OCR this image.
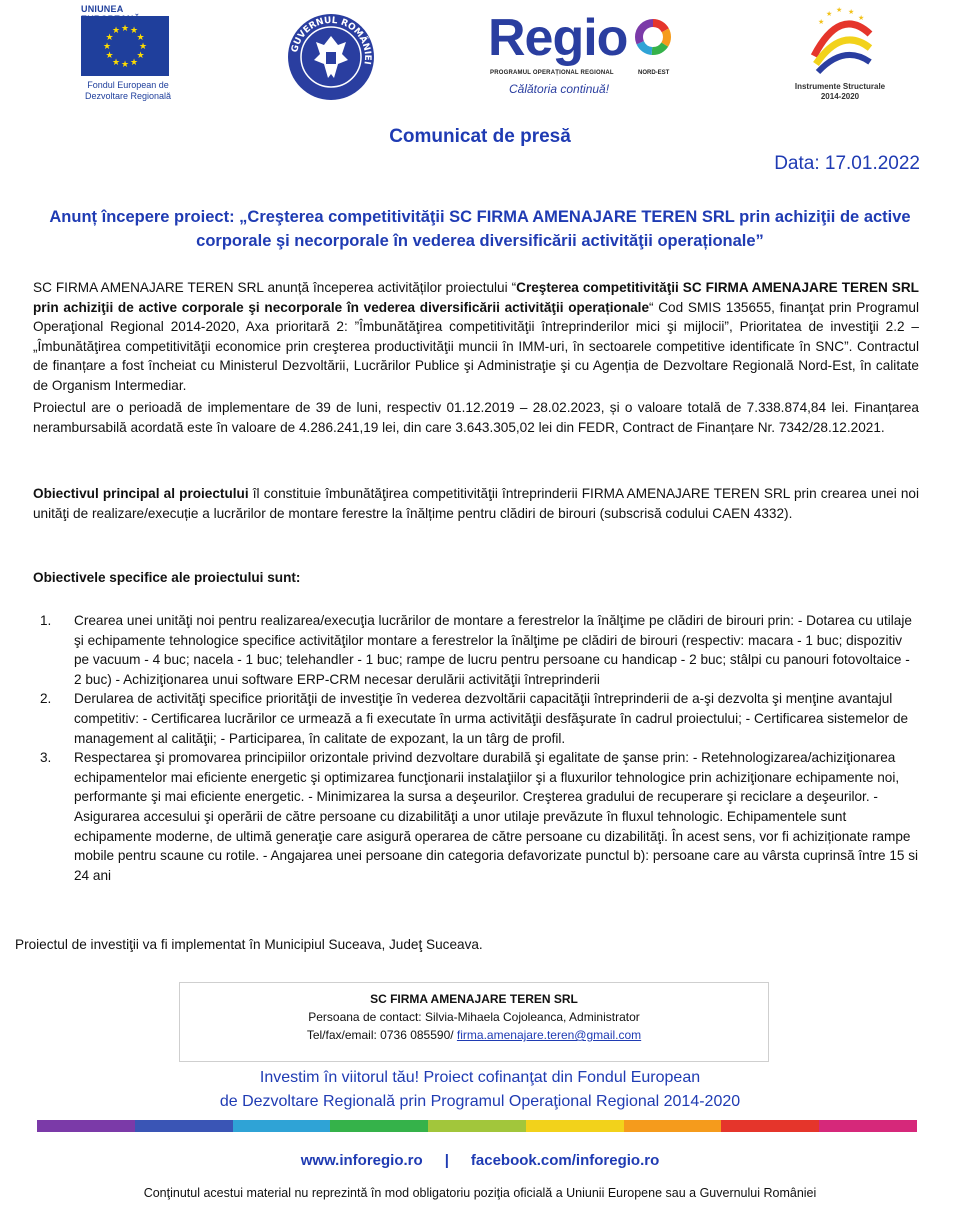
UNIUNEA
★ ★
★
★
★
★
★
★
★
★
★
★
Fondul European de
Dezvoltare Regională
GUVERNUL ROMÂNIEI Regio
PROGRAMUL OPERAȚIONAL REGIONAL	NORD-EST
Călătoria continuă!
★ ★
★
★
★
Instrumente Structurale
2014-2020
Comunicat de presă
Data: 17.01.2022
Anunț începere proiect: „Creşterea competitivităţii SC FIRMA AMENAJARE TEREN SRL prin achiziţii de active corporale şi necorporale în vederea diversificării activităţii operaționale”
SC FIRMA AMENAJARE TEREN SRL anunță începerea activităților proiectului “Creşterea competitivităţii SC FIRMA AMENAJARE TEREN SRL prin achiziţii de active corporale şi necorporale în vederea diversificării activităţii operaționale“ Cod SMIS 135655, finanţat prin Programul Operaţional Regional 2014-2020, Axa prioritară 2: ”Îmbunătăţirea competitivităţii întreprinderilor mici şi mijlocii”, Prioritatea de investiţii 2.2 – „Îmbunătăţirea competitivităţii economice prin creşterea productivităţii muncii în IMM-uri, în sectoarele competitive identificate în SNC”. Contractul de finanțare a fost încheiat cu Ministerul Dezvoltării, Lucrărilor Publice şi Administraţie şi cu Agenția de Dezvoltare Regională Nord-Est, în calitate de Organism Intermediar.
Proiectul are o perioadă de implementare de 39 de luni, respectiv 01.12.2019 – 28.02.2023, și o valoare totală de 7.338.874,84 lei. Finanțarea nerambursabilă acordată este în valoare de 4.286.241,19 lei, din care 3.643.305,02 lei din FEDR, Contract de Finanțare Nr. 7342/28.12.2021.
Obiectivul principal al proiectului îl constituie îmbunătăţirea competitivităţii întreprinderii FIRMA AMENAJARE TEREN SRL prin crearea unei noi unităţi de realizare/execuție a lucrărilor de montare ferestre la înălțime pentru clădiri de birouri (subscrisă codului CAEN 4332).
Obiectivele specifice ale proiectului sunt:
1.	Crearea unei unităţi noi pentru realizarea/execuţia lucrărilor de montare a ferestrelor la înălţime pe clădiri de birouri prin: - Dotarea cu utilaje şi echipamente tehnologice specifice activităţilor montare a ferestrelor la înălţime pe clădiri de birouri (respectiv: macara - 1 buc; dispozitiv pe vacuum - 4 buc; nacela - 1 buc; telehandler - 1 buc; rampe de lucru pentru persoane cu handicap - 2 buc; stâlpi cu panouri fotovoltaice - 2 buc) - Achiziţionarea unui software ERP-CRM necesar derulării activităţii întreprinderii
2.	Derularea de activităţi specifice priorităţii de investiţie în vederea dezvoltării capacităţii întreprinderii de a-şi dezvolta şi menţine avantajul competitiv: - Certificarea lucrărilor ce urmează a fi executate în urma activităţii desfăşurate în cadrul proiectului; - Certificarea sistemelor de management al calităţii; - Participarea, în calitate de expozant, la un târg de profil.
3.	Respectarea şi promovarea principiilor orizontale privind dezvoltare durabilă şi egalitate de şanse prin: - Retehnologizarea/achiziţionarea echipamentelor mai eficiente energetic şi optimizarea funcţionarii instalaţiilor şi a fluxurilor tehnologice prin achiziţionare echipamente noi, performante şi mai eficiente energetic. - Minimizarea la sursa a deşeurilor. Creşterea gradului de recuperare şi reciclare a deşeurilor. - Asigurarea accesului şi operării de către persoane cu dizabilităţi a unor utilaje prevăzute în fluxul tehnologic. Echipamentele sunt echipamente moderne, de ultimă generaţie care asigură operarea de către persoane cu dizabilităţi. În acest sens, vor fi achiziționate rampe mobile pentru scaune cu rotile. - Angajarea unei persoane din categoria defavorizate punctul b): persoane care au vârsta cuprinsă între 15 si 24 ani
Proiectul de investiţii va fi implementat în Municipiul Suceava, Judeţ Suceava.
SC FIRMA AMENAJARE TEREN SRL
Persoana de contact: Silvia-Mihaela Cojoleanca, Administrator
Tel/fax/email: 0736 085590/ firma.amenajare.teren@gmail.com
Investim în viitorul tău! Proiect cofinanţat din Fondul European
de Dezvoltare Regională prin Programul Operaţional Regional 2014-2020
www.inforegio.ro | facebook.com/inforegio.ro
Conţinutul acestui material nu reprezintă în mod obligatoriu poziţia oficială a Uniunii Europene sau a Guvernului României
